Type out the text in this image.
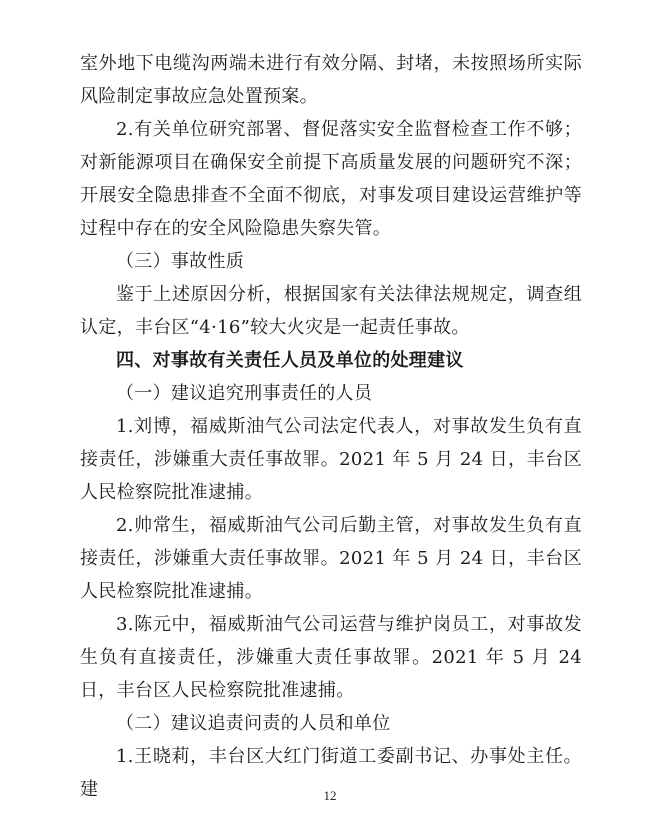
室外地下电缆沟两端未进行有效分隔、封堵，未按照场所实际风险制定事故应急处置预案。

2.有关单位研究部署、督促落实安全监督检查工作不够；对新能源项目在确保安全前提下高质量发展的问题研究不深；开展安全隐患排查不全面不彻底，对事发项目建设运营维护等过程中存在的安全风险隐患失察失管。

（三）事故性质

鉴于上述原因分析，根据国家有关法律法规规定，调查组认定，丰台区“4·16”较大火灾是一起责任事故。

四、对事故有关责任人员及单位的处理建议

（一）建议追究刑事责任的人员

1.刘博，福威斯油气公司法定代表人，对事故发生负有直接责任，涉嫌重大责任事故罪。2021 年 5 月 24 日，丰台区人民检察院批准逮捕。

2.帅常生，福威斯油气公司后勤主管，对事故发生负有直接责任，涉嫌重大责任事故罪。2021 年 5 月 24 日，丰台区人民检察院批准逮捕。

3.陈元中，福威斯油气公司运营与维护岗员工，对事故发生负有直接责任，涉嫌重大责任事故罪。2021 年 5 月 24 日，丰台区人民检察院批准逮捕。

（二）建议追责问责的人员和单位

1.王晓莉，丰台区大红门街道工委副书记、办事处主任。建	12
